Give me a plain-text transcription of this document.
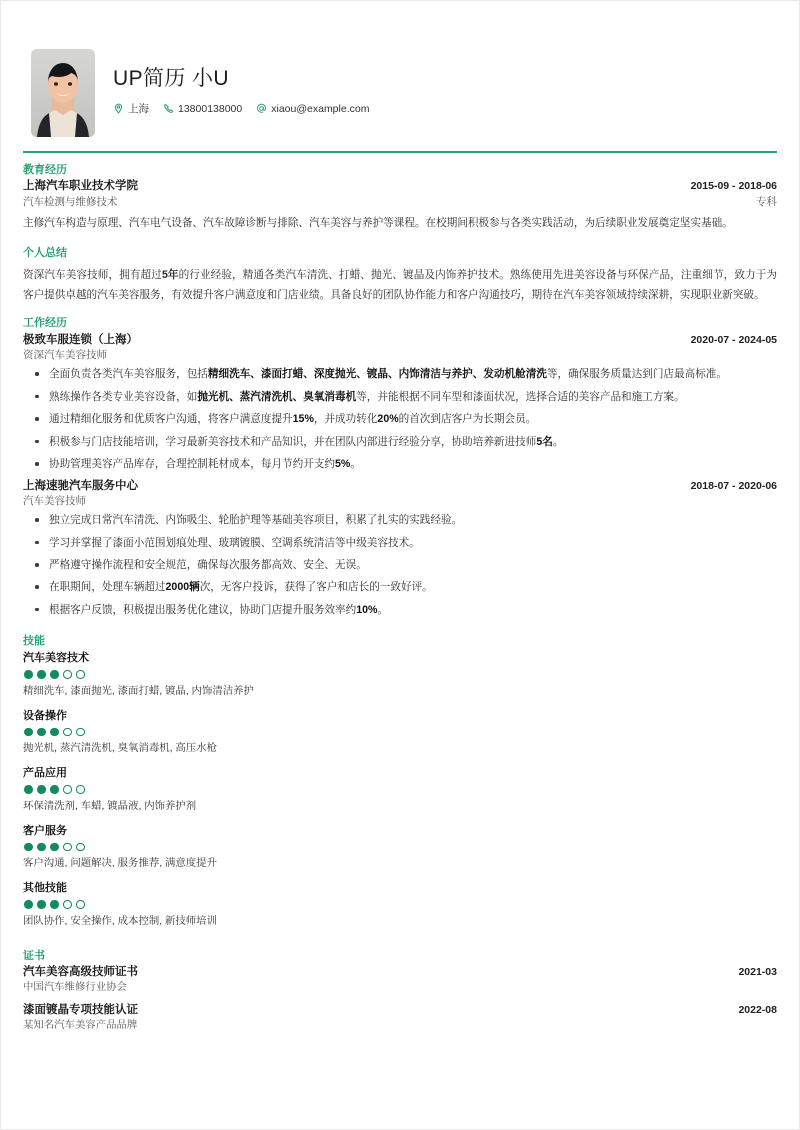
UP简历 小U
上海	13800138000	xiaou@example.com
教育经历
上海汽车职业技术学院	2015-09 - 2018-06
汽车检测与维修技术	专科
主修汽车构造与原理、汽车电气设备、汽车故障诊断与排除、汽车美容与养护等课程。在校期间积极参与各类实践活动，为后续职业发展奠定坚实基础。
个人总结
资深汽车美容技师，拥有超过5年的行业经验，精通各类汽车清洗、打蜡、抛光、镀晶及内饰养护技术。熟练使用先进美容设备与环保产品，注重细节，致力于为客户提供卓越的汽车美容服务，有效提升客户满意度和门店业绩。具备良好的团队协作能力和客户沟通技巧，期待在汽车美容领域持续深耕，实现职业新突破。
工作经历
极致车服连锁（上海）	2020-07 - 2024-05
资深汽车美容技师
全面负责各类汽车美容服务，包括精细洗车、漆面打蜡、深度抛光、镀晶、内饰清洁与养护、发动机舱清洗等，确保服务质量达到门店最高标准。
熟练操作各类专业美容设备，如抛光机、蒸汽清洗机、臭氧消毒机等，并能根据不同车型和漆面状况，选择合适的美容产品和施工方案。
通过精细化服务和优质客户沟通，将客户满意度提升15%，并成功转化20%的首次到店客户为长期会员。
积极参与门店技能培训，学习最新美容技术和产品知识，并在团队内部进行经验分享，协助培养新进技师5名。
协助管理美容产品库存，合理控制耗材成本，每月节约开支约5%。
上海速驰汽车服务中心	2018-07 - 2020-06
汽车美容技师
独立完成日常汽车清洗、内饰吸尘、轮胎护理等基础美容项目，积累了扎实的实践经验。
学习并掌握了漆面小范围划痕处理、玻璃镀膜、空调系统清洁等中级美容技术。
严格遵守操作流程和安全规范，确保每次服务都高效、安全、无误。
在职期间，处理车辆超过2000辆次，无客户投诉，获得了客户和店长的一致好评。
根据客户反馈，积极提出服务优化建议，协助门店提升服务效率约10%。
技能
汽车美容技术
精细洗车, 漆面抛光, 漆面打蜡, 镀晶, 内饰清洁养护
设备操作
抛光机, 蒸汽清洗机, 臭氧消毒机, 高压水枪
产品应用
环保清洗剂, 车蜡, 镀晶液, 内饰养护剂
客户服务
客户沟通, 问题解决, 服务推荐, 满意度提升
其他技能
团队协作, 安全操作, 成本控制, 新技师培训
证书
汽车美容高级技师证书	2021-03
中国汽车维修行业协会
漆面镀晶专项技能认证	2022-08
某知名汽车美容产品品牌
